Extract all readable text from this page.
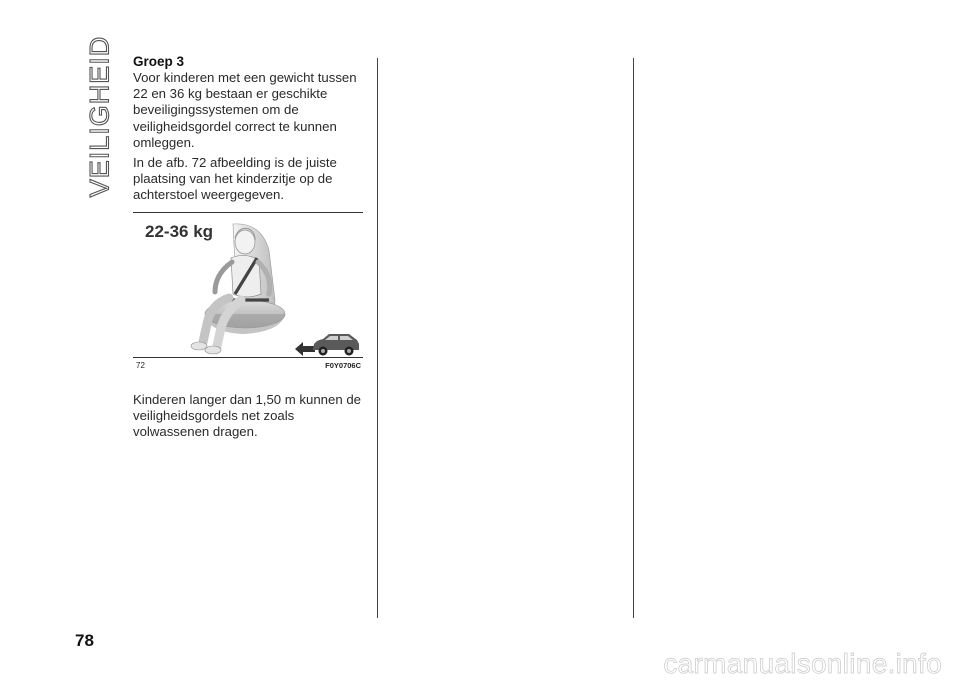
VEILIGHEID Groep 3

Voor kinderen met een gewicht tussen 22 en 36 kg bestaan er geschikte beveiligingssystemen om de veiligheidsgordel correct te kunnen omleggen.

In de afb. 72 afbeelding is de juiste plaatsing van het kinderzitje op de achterstoel weergegeven.

22-36 kg
72	F0Y0706C

Kinderen langer dan 1,50 m kunnen de veiligheidsgordels net zoals volwassenen dragen.

78
carmanualsonline.info
